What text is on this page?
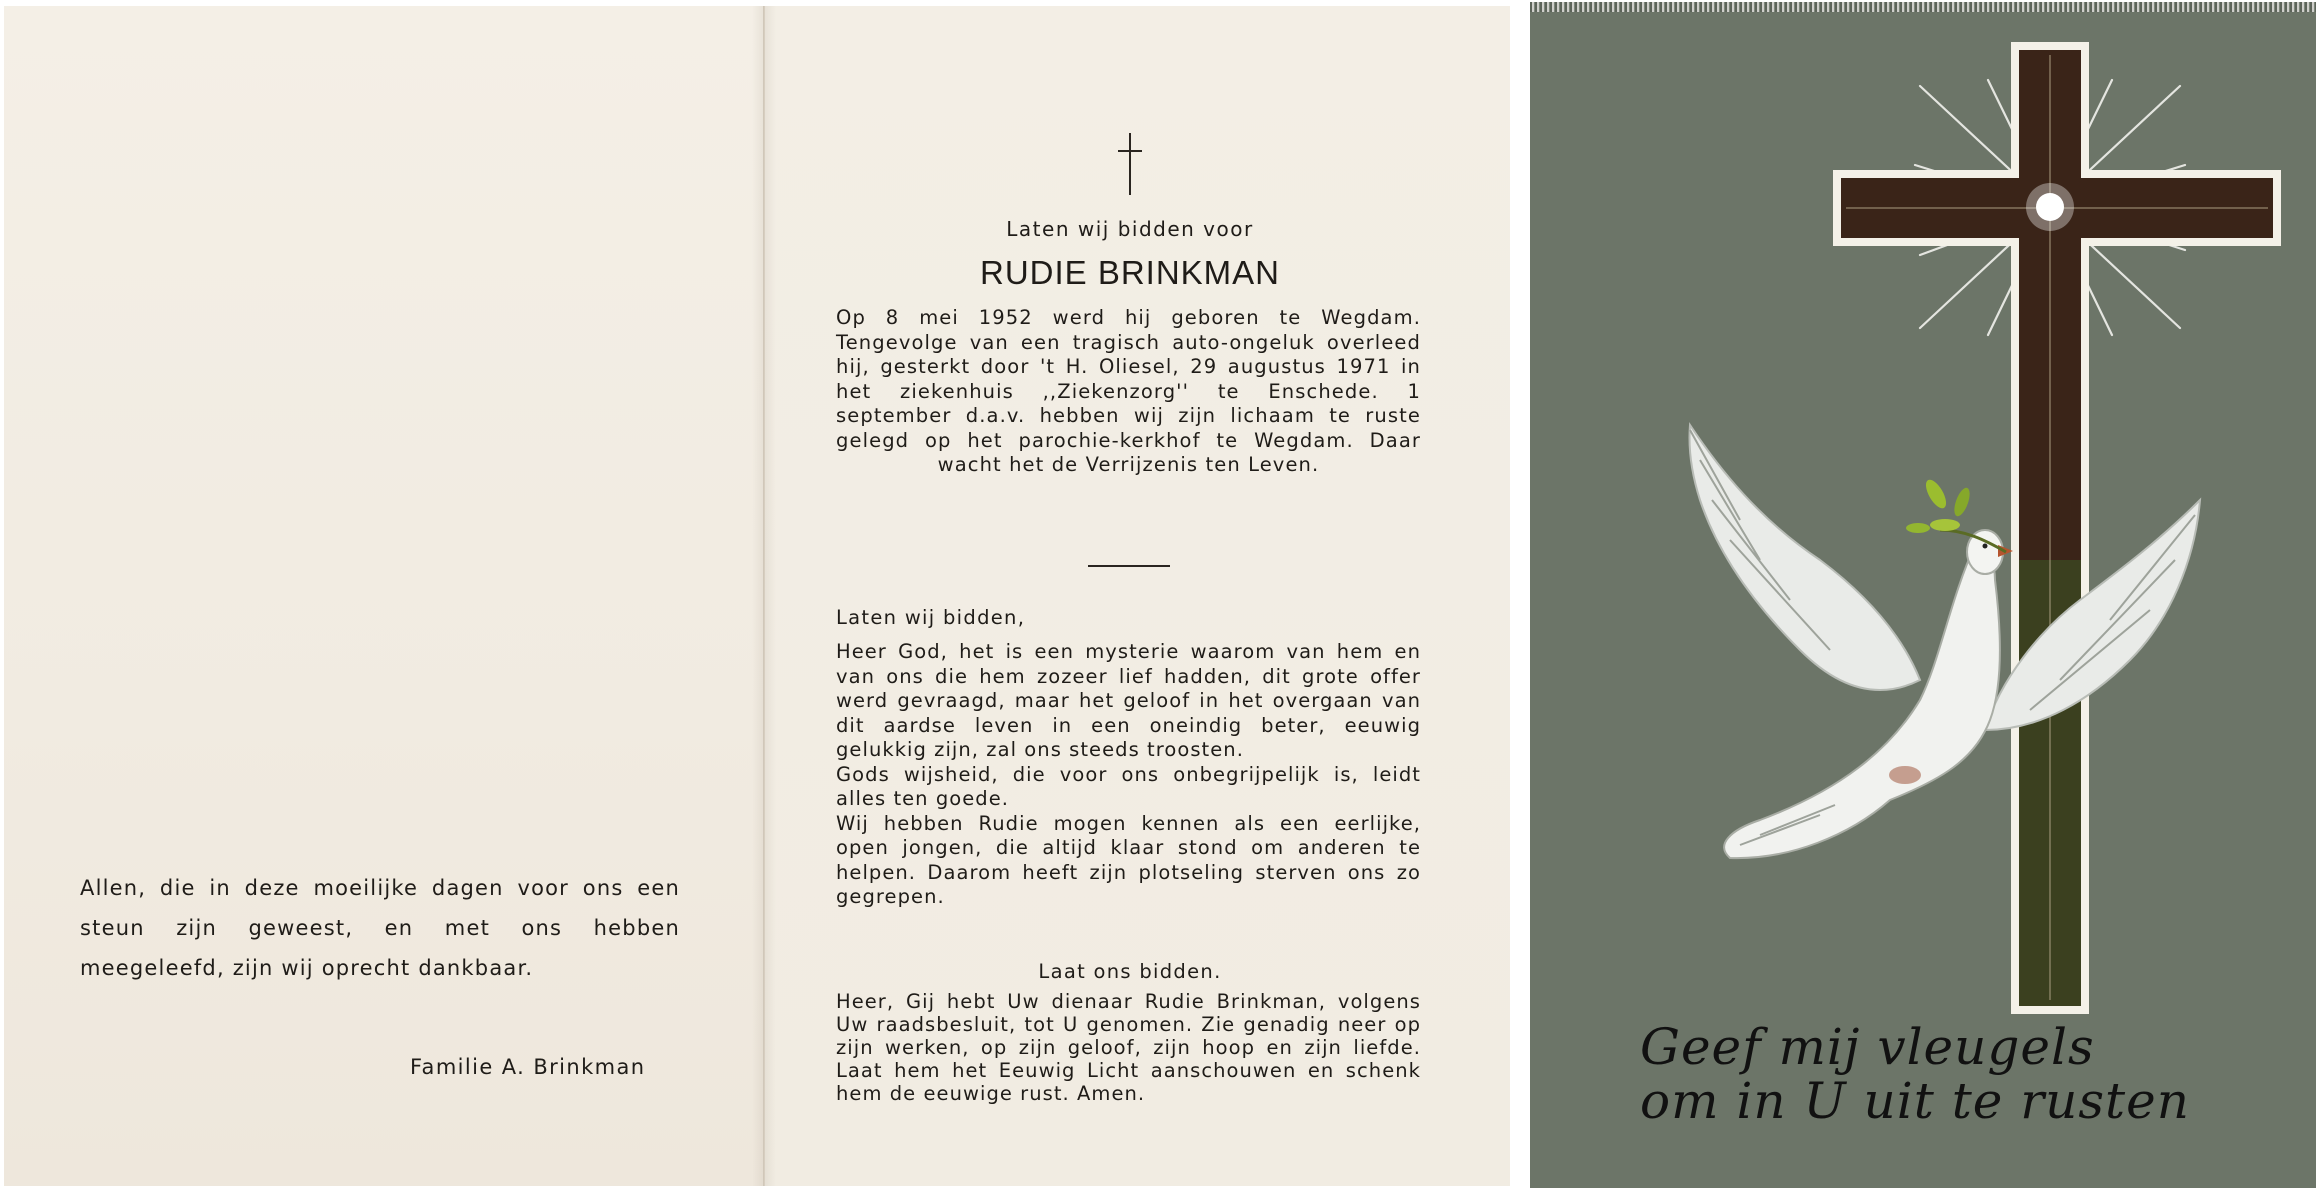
Allen, die in deze moeilijke dagen voor ons een steun zijn geweest, en met ons hebben meegeleefd, zijn wij oprecht dankbaar.
Familie A. Brinkman
Laten wij bidden voor
RUDIE BRINKMAN
Op 8 mei 1952 werd hij geboren te Wegdam. Tengevolge van een tragisch auto-ongeluk overleed hij, gesterkt door 't H. Oliesel, 29 augustus 1971 in het ziekenhuis ,,Ziekenzorg'' te Enschede. 1 september d.a.v. hebben wij zijn lichaam te ruste gelegd op het parochie-kerkhof te Wegdam. Daar wacht het de Verrijzenis ten Leven.
Laten wij bidden,

Heer God, het is een mysterie waarom van hem en van ons die hem zozeer lief hadden, dit grote offer werd gevraagd, maar het geloof in het overgaan van dit aardse leven in een oneindig beter, eeuwig gelukkig zijn, zal ons steeds troosten.

Gods wijsheid, die voor ons onbegrijpelijk is, leidt alles ten goede.

Wij hebben Rudie mogen kennen als een eerlijke, open jongen, die altijd klaar stond om anderen te helpen. Daarom heeft zijn plotseling sterven ons zo gegrepen.

Laat ons bidden.
Heer, Gij hebt Uw dienaar Rudie Brinkman, volgens Uw raadsbesluit, tot U genomen. Zie genadig neer op zijn werken, op zijn geloof, zijn hoop en zijn liefde. Laat hem het Eeuwig Licht aanschouwen en schenk hem de eeuwige rust. Amen.
Geef mij vleugels
om in U uit te rusten
